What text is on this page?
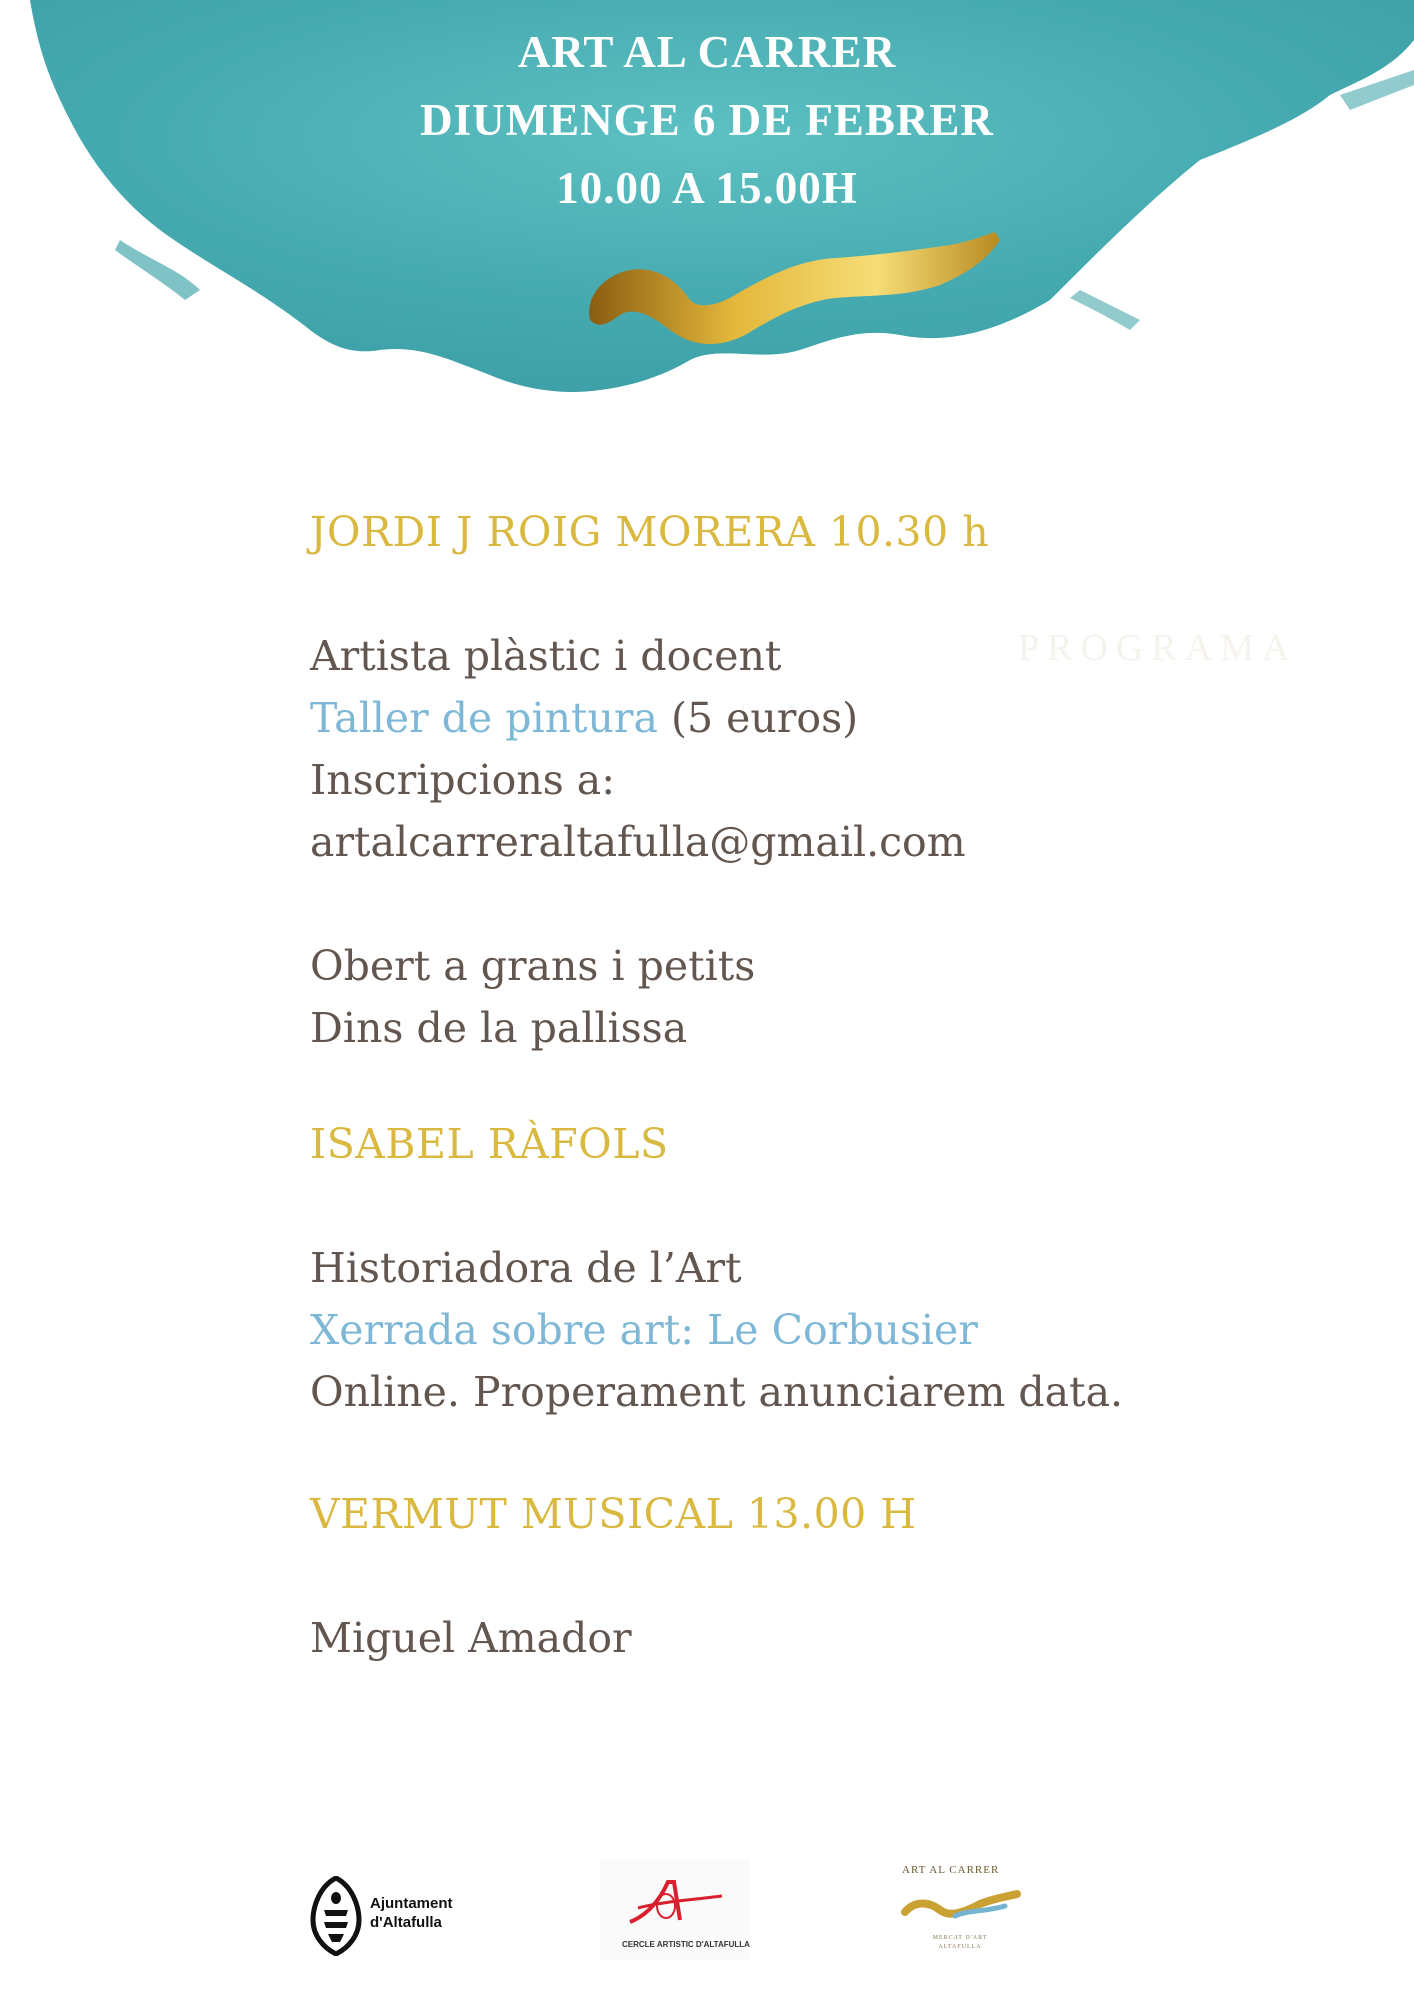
ART AL CARRER
DIUMENGE 6 DE FEBRER
10.00 A 15.00H
PROGRAMA
JORDI J ROIG MORERA 10.30 h
Artista plàstic i docent
Taller de pintura (5 euros)
Inscripcions a:
artalcarreraltafulla@gmail.com
Obert a grans i petits
Dins de la pallissa
ISABEL RÀFOLS
Historiadora de l’Art
Xerrada sobre art: Le Corbusier
Online. Properament anunciarem data.
VERMUT MUSICAL 13.00 H
Miguel Amador
Ajuntament
d'Altafulla
CERCLE ARTISTIC D'ALTAFULLA
ART AL CARRER
MERCAT D'ART ALTAFULLA
